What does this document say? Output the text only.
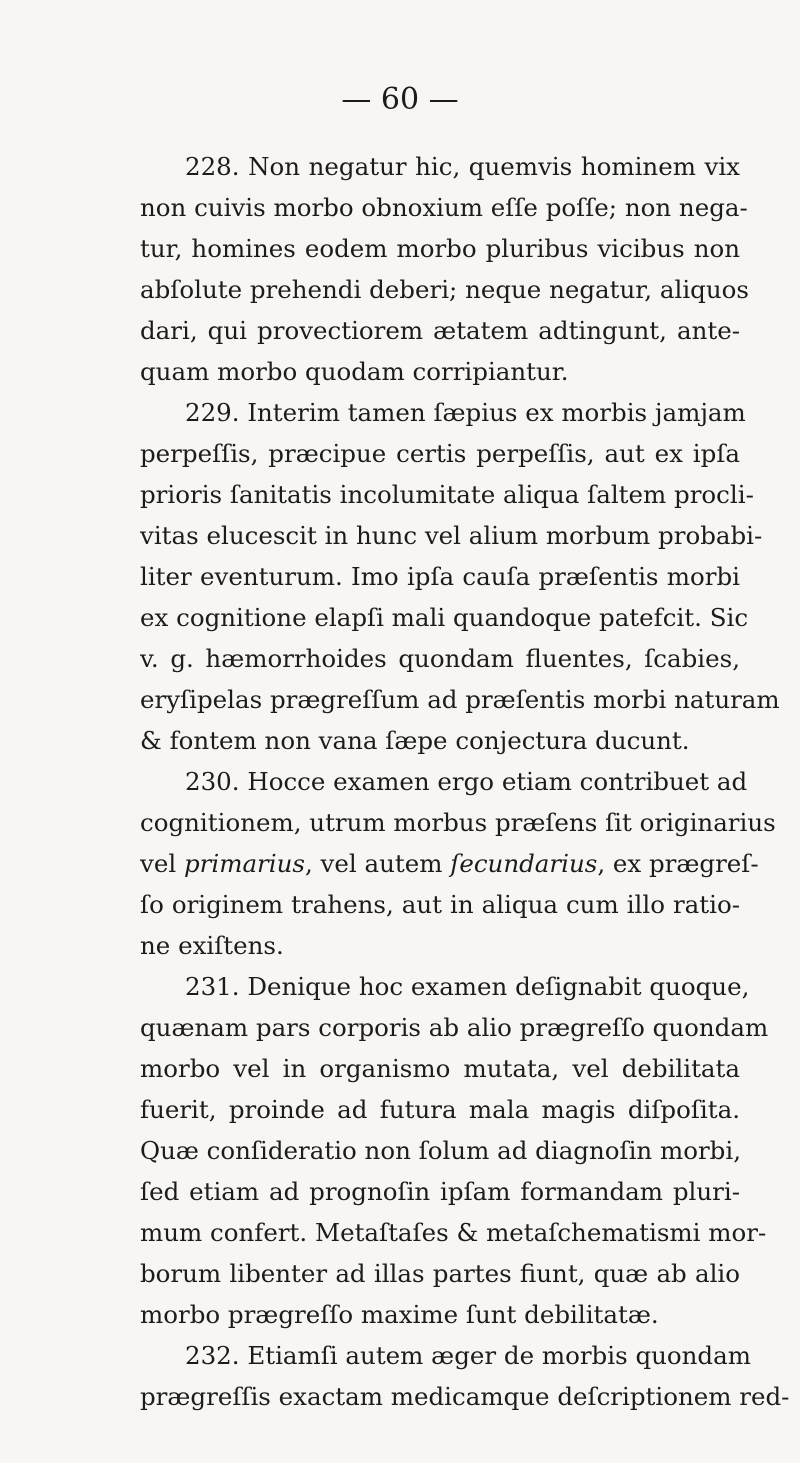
— 60 —
228. Non negatur hic, quemvis hominem vix
non cuivis morbo obnoxium eſſe poſſe; non nega-
tur, homines eodem morbo pluribus vicibus non
abſolute prehendi deberi; neque negatur, aliquos
dari, qui provectiorem ætatem adtingunt, ante-
quam morbo quodam corripiantur.
229. Interim tamen ſæpius ex morbis jamjam
perpeſſis, præcipue certis perpeſſis, aut ex ipſa
prioris ſanitatis incolumitate aliqua ſaltem procli-
vitas elucescit in hunc vel alium morbum probabi-
liter eventurum. Imo ipſa cauſa præſentis morbi
ex cognitione elapſi mali quandoque patefcit. Sic
v. g. hæmorrhoides quondam fluentes, ſcabies,
eryſipelas prægreſſum ad præſentis morbi naturam
& fontem non vana ſæpe conjectura ducunt.
230. Hocce examen ergo etiam contribuet ad
cognitionem, utrum morbus præſens ſit originarius
vel primarius, vel autem ſecundarius, ex prægreſ-
ſo originem trahens, aut in aliqua cum illo ratio-
ne exiſtens.
231. Denique hoc examen deſignabit quoque,
quænam pars corporis ab alio prægreſſo quondam
morbo vel in organismo mutata, vel debilitata
fuerit, proinde ad futura mala magis diſpoſita.
Quæ conſideratio non ſolum ad diagnoſin morbi,
ſed etiam ad prognoſin ipſam formandam pluri-
mum confert. Metaſtaſes & metaſchematismi mor-
borum libenter ad illas partes fiunt, quæ ab alio
morbo prægreſſo maxime ſunt debilitatæ.
232. Etiamſi autem æger de morbis quondam
prægreſſis exactam medicamque deſcriptionem red-
